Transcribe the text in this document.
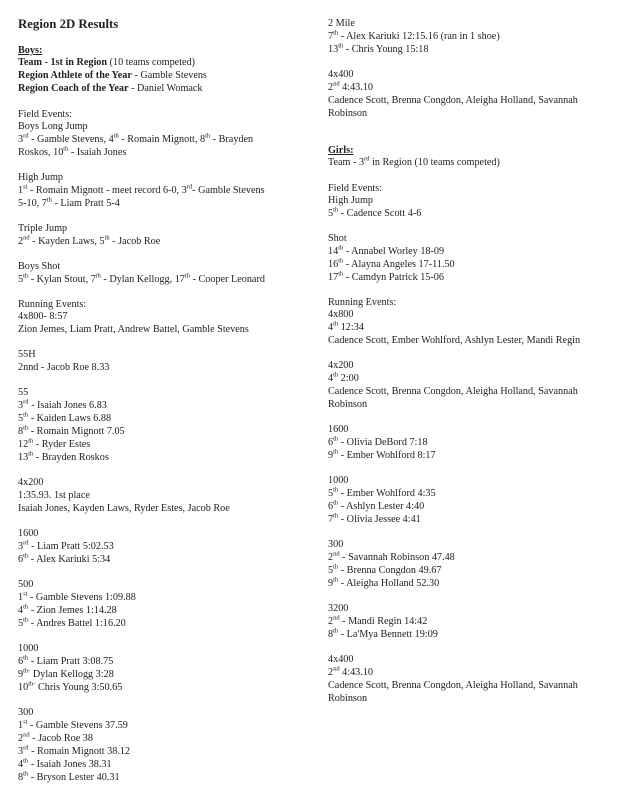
Region 2D Results
Boys:
Team - 1st in Region (10 teams competed)
Region Athlete of the Year - Gamble Stevens
Region Coach of the Year - Daniel Womack
Field Events:
Boys Long Jump
3rd - Gamble Stevens, 4th - Romain Mignott, 8th - Brayden
Roskos, 10th - Isaiah Jones
High Jump
1st - Romain Mignott - meet record 6-0, 3rd- Gamble Stevens
5-10, 7th - Liam Pratt 5-4
Triple Jump
2nd - Kayden Laws, 5th - Jacob Roe
Boys Shot
5th - Kylan Stout, 7th - Dylan Kellogg, 17th - Cooper Leonard
Running Events:
4x800- 8:57
Zion Jemes, Liam Pratt, Andrew Battel, Gamble Stevens
55H
2nnd - Jacob Roe 8.33
55
3rd - Isaiah Jones 6.83
5th - Kaiden Laws 6.88
8th - Romain Mignott 7.05
12th - Ryder Estes
13th - Brayden Roskos
4x200
1:35.93. 1st place
Isaiah Jones, Kayden Laws, Ryder Estes, Jacob Roe
1600
3rd - Liam Pratt 5:02.53
6th - Alex Kariuki 5:34
500
1st - Gamble Stevens 1:09.88
4th - Zion Jemes 1:14.28
5th - Andres Battel 1:16.20
1000
6th - Liam Pratt 3:08.75
$9^{th-}$ Dylan Kellogg 3:28
$10^{th-}$ Chris Young 3:50.65
300
1st - Gamble Stevens 37.59
2nd - Jacob Roe 38
3rd - Romain Mignott 38.12
4th - Isaiah Jones 38.31
8th - Bryson Lester 40.31
2 Mile
7th - Alex Kariuki 12:15.16 (ran in 1 shoe)
13th - Chris Young 15:18
4x400
2nd 4:43.10
Cadence Scott, Brenna Congdon, Aleigha Holland, Savannah
Robinson
Girls:
Team - 3rd in Region (10 teams competed)
Field Events:
High Jump
5th - Cadence Scott 4-6
Shot
14th - Annabel Worley 18-09
16th - Alayna Angeles 17-11.50
17th - Camdyn Patrick 15-06
Running Events:
4x800
4th 12:34
Cadence Scott, Ember Wohlford, Ashlyn Lester, Mandi Regin
4x200
4th 2:00
Cadence Scott, Brenna Congdon, Aleigha Holland, Savannah
Robinson
1600
6th - Olivia DeBord 7:18
9th - Ember Wohlford 8:17
1000
5th - Ember Wohlford 4:35
6th - Ashlyn Lester 4:40
7th - Olivia Jessee 4:41
300
2nd - Savannah Robinson 47.48
5th - Brenna Congdon 49.67
9th - Aleigha Holland 52.30
3200
2nd - Mandi Regin 14:42
8th - La'Mya Bennett 19:09
4x400
2nd 4:43.10
Cadence Scott, Brenna Congdon, Aleigha Holland, Savannah
Robinson
